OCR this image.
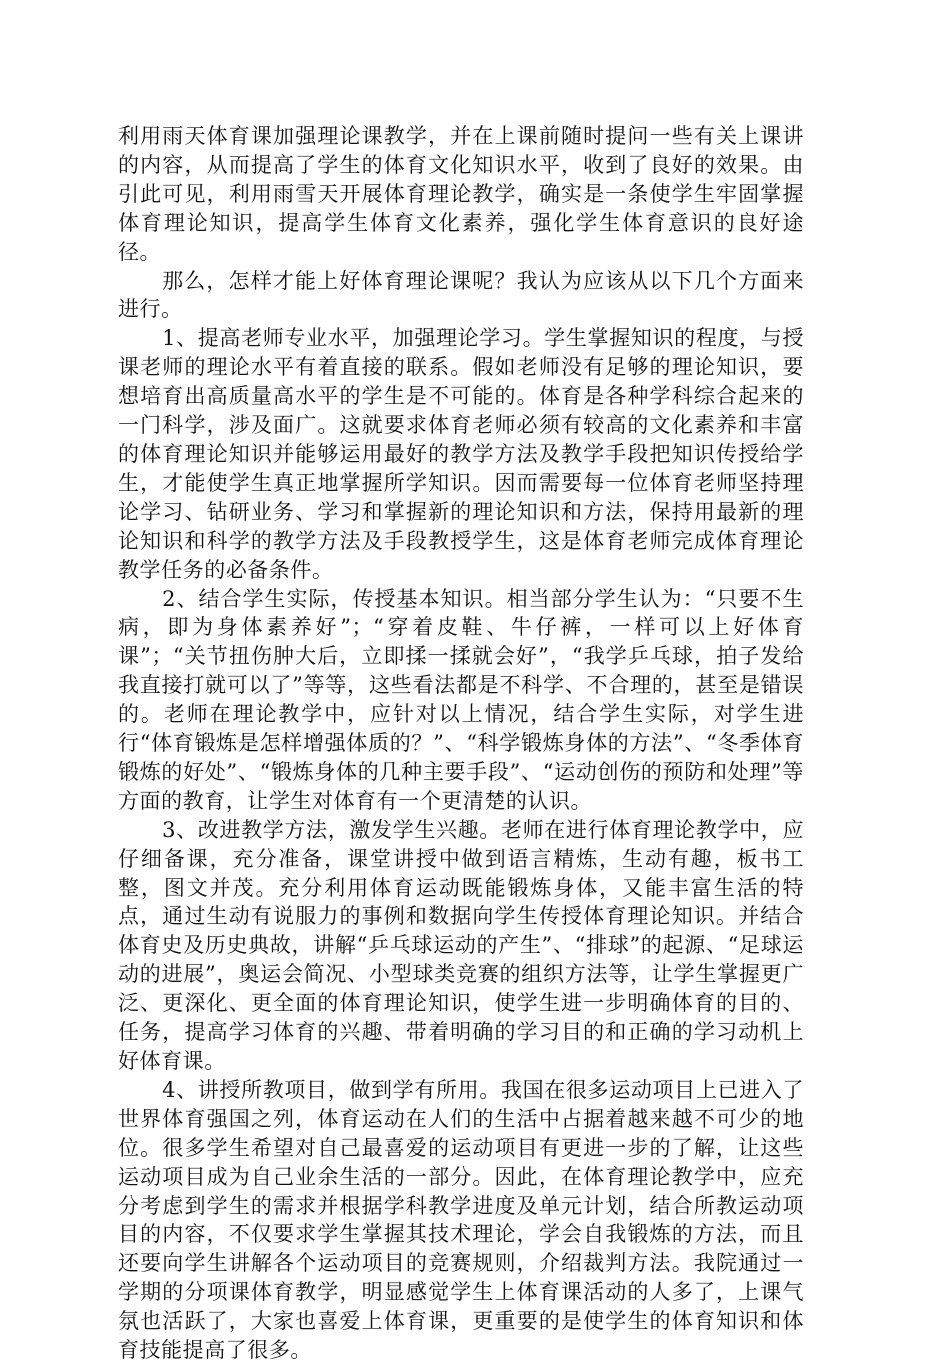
利用雨天体育课加强理论课教学，并在上课前随时提问一些有关上课讲的内容，从而提高了学生的体育文化知识水平，收到了良好的效果。由引此可见，利用雨雪天开展体育理论教学，确实是一条使学生牢固掌握体育理论知识，提高学生体育文化素养，强化学生体育意识的良好途径。

那么，怎样才能上好体育理论课呢？我认为应该从以下几个方面来进行。

1、提高老师专业水平，加强理论学习。学生掌握知识的程度，与授课老师的理论水平有着直接的联系。假如老师没有足够的理论知识，要想培育出高质量高水平的学生是不可能的。体育是各种学科综合起来的一门科学，涉及面广。这就要求体育老师必须有较高的文化素养和丰富的体育理论知识并能够运用最好的教学方法及教学手段把知识传授给学生，才能使学生真正地掌握所学知识。因而需要每一位体育老师坚持理论学习、钻研业务、学习和掌握新的理论知识和方法，保持用最新的理论知识和科学的教学方法及手段教授学生，这是体育老师完成体育理论教学任务的必备条件。

2、结合学生实际，传授基本知识。相当部分学生认为：“只要不生病，即为身体素养好”；“穿着皮鞋、牛仔裤，一样可以上好体育课”；“关节扭伤肿大后，立即揉一揉就会好”，“我学乒乓球，拍子发给我直接打就可以了”等等，这些看法都是不科学、不合理的，甚至是错误的。老师在理论教学中，应针对以上情况，结合学生实际，对学生进行“体育锻炼是怎样增强体质的？”、“科学锻炼身体的方法”、“冬季体育锻炼的好处”、“锻炼身体的几种主要手段”、“运动创伤的预防和处理”等方面的教育，让学生对体育有一个更清楚的认识。

3、改进教学方法，激发学生兴趣。老师在进行体育理论教学中，应仔细备课，充分准备，课堂讲授中做到语言精炼，生动有趣，板书工整，图文并茂。充分利用体育运动既能锻炼身体，又能丰富生活的特点，通过生动有说服力的事例和数据向学生传授体育理论知识。并结合体育史及历史典故，讲解“乒乓球运动的产生”、“排球”的起源、“足球运动的进展”，奥运会简况、小型球类竞赛的组织方法等，让学生掌握更广泛、更深化、更全面的体育理论知识，使学生进一步明确体育的目的、任务，提高学习体育的兴趣、带着明确的学习目的和正确的学习动机上好体育课。

4、讲授所教项目，做到学有所用。我国在很多运动项目上已进入了世界体育强国之列，体育运动在人们的生活中占据着越来越不可少的地位。很多学生希望对自己最喜爱的运动项目有更进一步的了解，让这些运动项目成为自己业余生活的一部分。因此，在体育理论教学中，应充分考虑到学生的需求并根据学科教学进度及单元计划，结合所教运动项目的内容，不仅要求学生掌握其技术理论，学会自我锻炼的方法，而且还要向学生讲解各个运动项目的竞赛规则，介绍裁判方法。我院通过一学期的分项课体育教学，明显感觉学生上体育课活动的人多了，上课气氛也活跃了，大家也喜爱上体育课，更重要的是使学生的体育知识和体育技能提高了很多。
